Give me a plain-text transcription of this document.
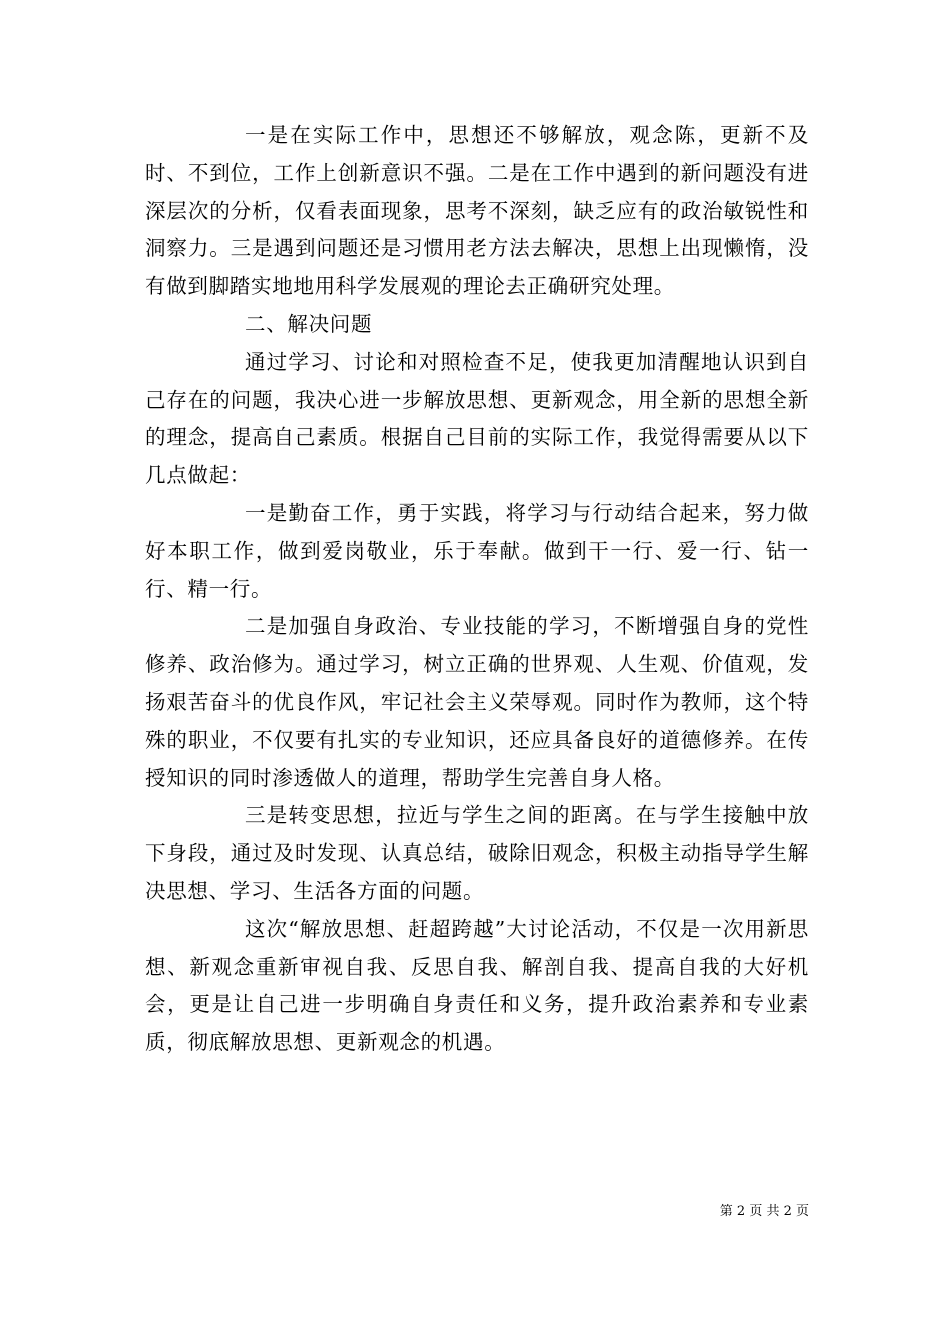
一是在实际工作中，思想还不够解放，观念陈，更新不及时、不到位，工作上创新意识不强。二是在工作中遇到的新问题没有进深层次的分析，仅看表面现象，思考不深刻，缺乏应有的政治敏锐性和洞察力。三是遇到问题还是习惯用老方法去解决，思想上出现懒惰，没有做到脚踏实地地用科学发展观的理论去正确研究处理。

二、解决问题

通过学习、讨论和对照检查不足，使我更加清醒地认识到自己存在的问题，我决心进一步解放思想、更新观念，用全新的思想全新的理念，提高自己素质。根据自己目前的实际工作，我觉得需要从以下几点做起：

一是勤奋工作，勇于实践，将学习与行动结合起来，努力做好本职工作，做到爱岗敬业，乐于奉献。做到干一行、爱一行、钻一行、精一行。

二是加强自身政治、专业技能的学习，不断增强自身的党性修养、政治修为。通过学习，树立正确的世界观、人生观、价值观，发扬艰苦奋斗的优良作风，牢记社会主义荣辱观。同时作为教师，这个特殊的职业，不仅要有扎实的专业知识，还应具备良好的道德修养。在传授知识的同时渗透做人的道理，帮助学生完善自身人格。

三是转变思想，拉近与学生之间的距离。在与学生接触中放下身段，通过及时发现、认真总结，破除旧观念，积极主动指导学生解决思想、学习、生活各方面的问题。

这次“解放思想、赶超跨越”大讨论活动，不仅是一次用新思想、新观念重新审视自我、反思自我、解剖自我、提高自我的大好机会，更是让自己进一步明确自身责任和义务，提升政治素养和专业素质，彻底解放思想、更新观念的机遇。

第 2 页 共 2 页
